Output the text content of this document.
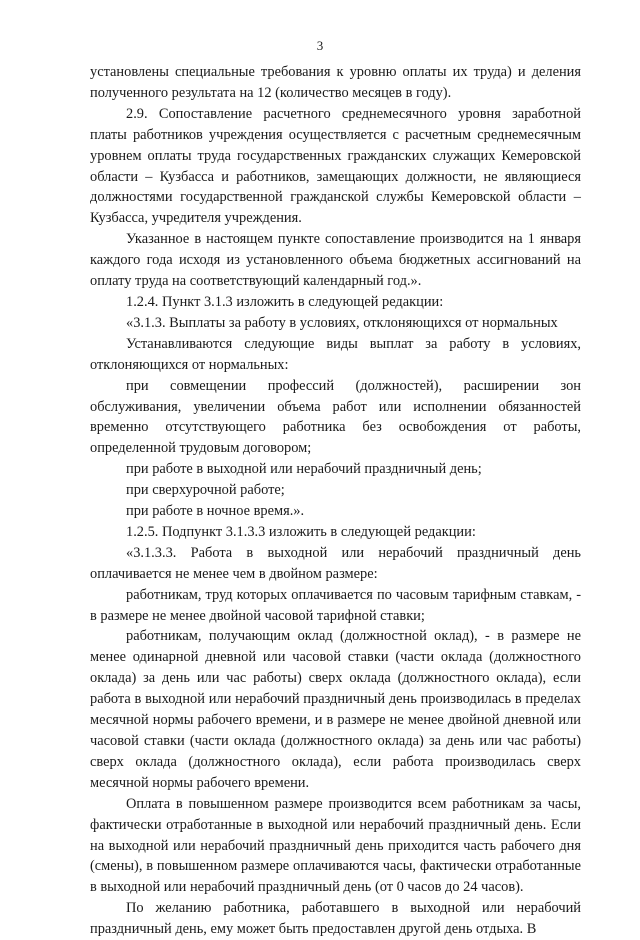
3

установлены специальные требования к уровню оплаты их труда) и деления полученного результата на 12 (количество месяцев в году).

2.9. Сопоставление расчетного среднемесячного уровня заработной платы работников учреждения осуществляется с расчетным среднемесячным уровнем оплаты труда государственных гражданских служащих Кемеровской области – Кузбасса и работников, замещающих должности, не являющиеся должностями государственной гражданской службы Кемеровской области – Кузбасса, учредителя учреждения.

Указанное в настоящем пункте сопоставление производится на 1 января каждого года исходя из установленного объема бюджетных ассигнований на оплату труда на соответствующий календарный год.».

1.2.4. Пункт 3.1.3 изложить в следующей редакции:

«3.1.3. Выплаты за работу в условиях, отклоняющихся от нормальных

Устанавливаются следующие виды выплат за работу в условиях, отклоняющихся от нормальных:

при совмещении профессий (должностей), расширении зон обслуживания, увеличении объема работ или исполнении обязанностей временно отсутствующего работника без освобождения от работы, определенной трудовым договором;

при работе в выходной или нерабочий праздничный день;

при сверхурочной работе;

при работе в ночное время.».

1.2.5. Подпункт 3.1.3.3 изложить в следующей редакции:

«3.1.3.3. Работа в выходной или нерабочий праздничный день оплачивается не менее чем в двойном размере:

работникам, труд которых оплачивается по часовым тарифным ставкам, - в размере не менее двойной часовой тарифной ставки;

работникам, получающим оклад (должностной оклад), - в размере не менее одинарной дневной или часовой ставки (части оклада (должностного оклада) за день или час работы) сверх оклада (должностного оклада), если работа в выходной или нерабочий праздничный день производилась в пределах месячной нормы рабочего времени, и в размере не менее двойной дневной или часовой ставки (части оклада (должностного оклада) за день или час работы) сверх оклада (должностного оклада), если работа производилась сверх месячной нормы рабочего времени.

Оплата в повышенном размере производится всем работникам за часы, фактически отработанные в выходной или нерабочий праздничный день. Если на выходной или нерабочий праздничный день приходится часть рабочего дня (смены), в повышенном размере оплачиваются часы, фактически отработанные в выходной или нерабочий праздничный день (от 0 часов до 24 часов).

По желанию работника, работавшего в выходной или нерабочий праздничный день, ему может быть предоставлен другой день отдыха. В
